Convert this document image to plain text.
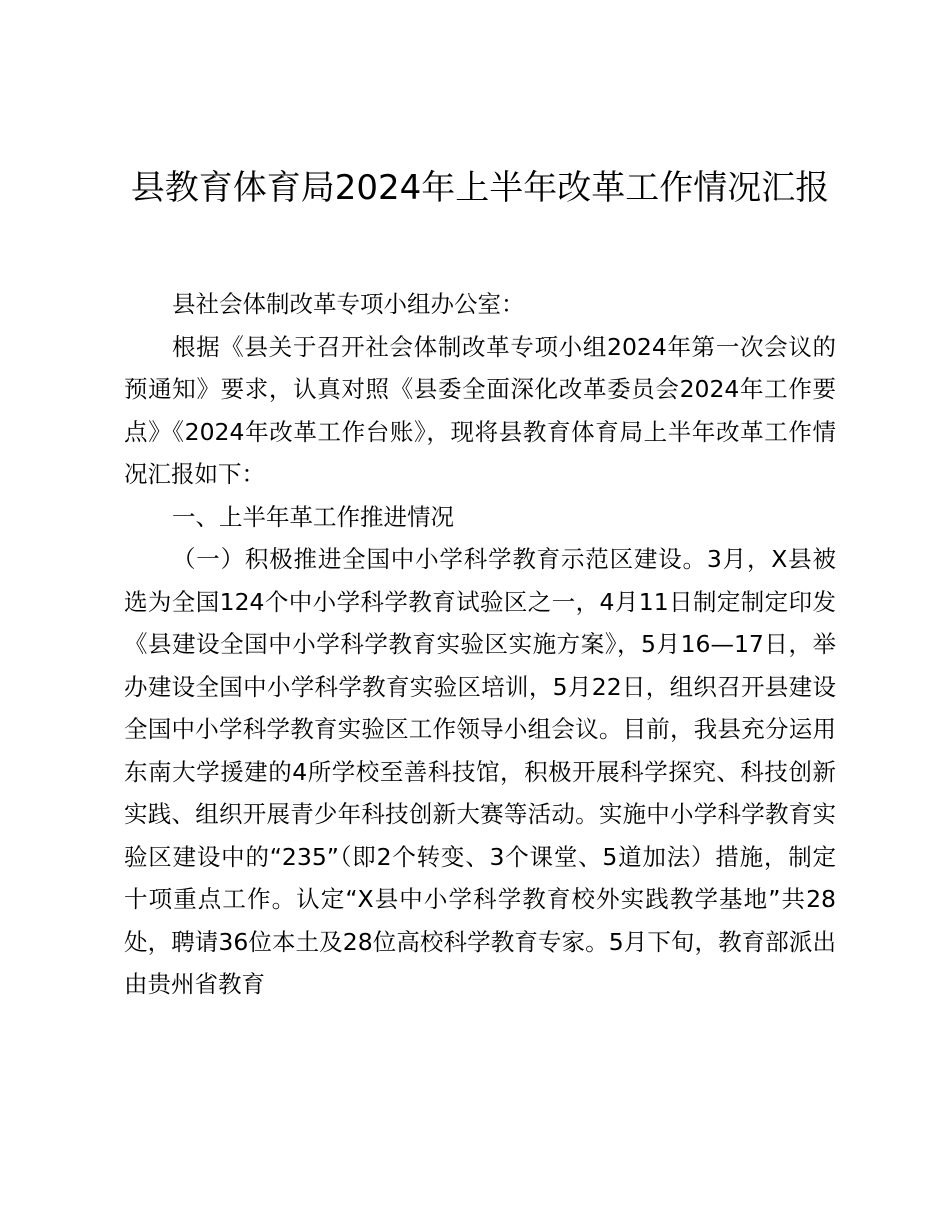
县教育体育局2024年上半年改革工作情况汇报

县社会体制改革专项小组办公室：

根据《县关于召开社会体制改革专项小组2024年第一次会议的预通知》要求，认真对照《县委全面深化改革委员会2024年工作要点》《2024年改革工作台账》，现将县教育体育局上半年改革工作情况汇报如下：

一、上半年革工作推进情况

（一）积极推进全国中小学科学教育示范区建设。3月，X县被选为全国124个中小学科学教育试验区之一，4月11日制定制定印发《县建设全国中小学科学教育实验区实施方案》，5月16—17日，举办建设全国中小学科学教育实验区培训，5月22日，组织召开县建设全国中小学科学教育实验区工作领导小组会议。目前，我县充分运用东南大学援建的4所学校至善科技馆，积极开展科学探究、科技创新实践、组织开展青少年科技创新大赛等活动。实施中小学科学教育实验区建设中的“235”（即2个转变、3个课堂、5道加法）措施，制定十项重点工作。认定“X县中小学科学教育校外实践教学基地”共28处，聘请36位本土及28位高校科学教育专家。5月下旬，教育部派出由贵州省教育
